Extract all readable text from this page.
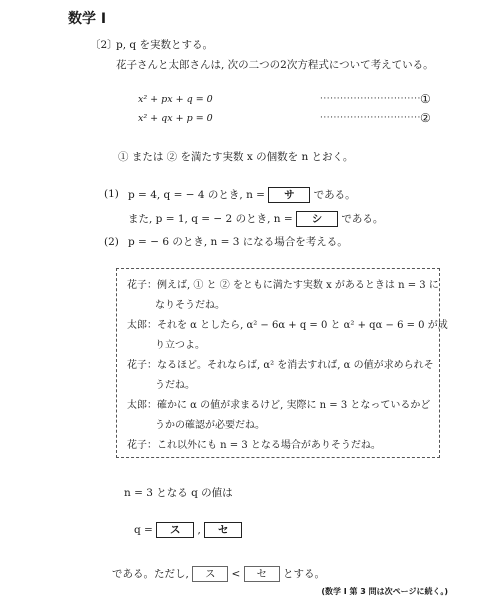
数学 I
〔2〕
p, q を実数とする。
花子さんと太郎さんは, 次の二つの2次方程式について考えている。
x² + px + q = 0	······························ ①
x² + qx + p = 0	······························ ②
① または ② を満たす実数 x の個数を n とおく。
(1) p = 4, q = − 4 のとき, n = サ である。
また, p = 1, q = − 2 のとき, n = シ である。
(2) p = − 6 のとき, n = 3 になる場合を考える。
花子：例えば, ① と ② をともに満たす実数 x があるときは n = 3 に
なりそうだね。
太郎：それを α としたら, α² − 6α + q = 0 と α² + qα − 6 = 0 が成
り立つよ。
花子：なるほど。それならば, α² を消去すれば, α の値が求められそ
うだね。
太郎：確かに α の値が求まるけど, 実際に n = 3 となっているかど
うかの確認が必要だね。
花子：これ以外にも n = 3 となる場合がありそうだね。
n = 3 となる q の値は
q = ス , セ
である。ただし, ス < セ とする。
(数学 I 第 3 問は次ページに続く。)
